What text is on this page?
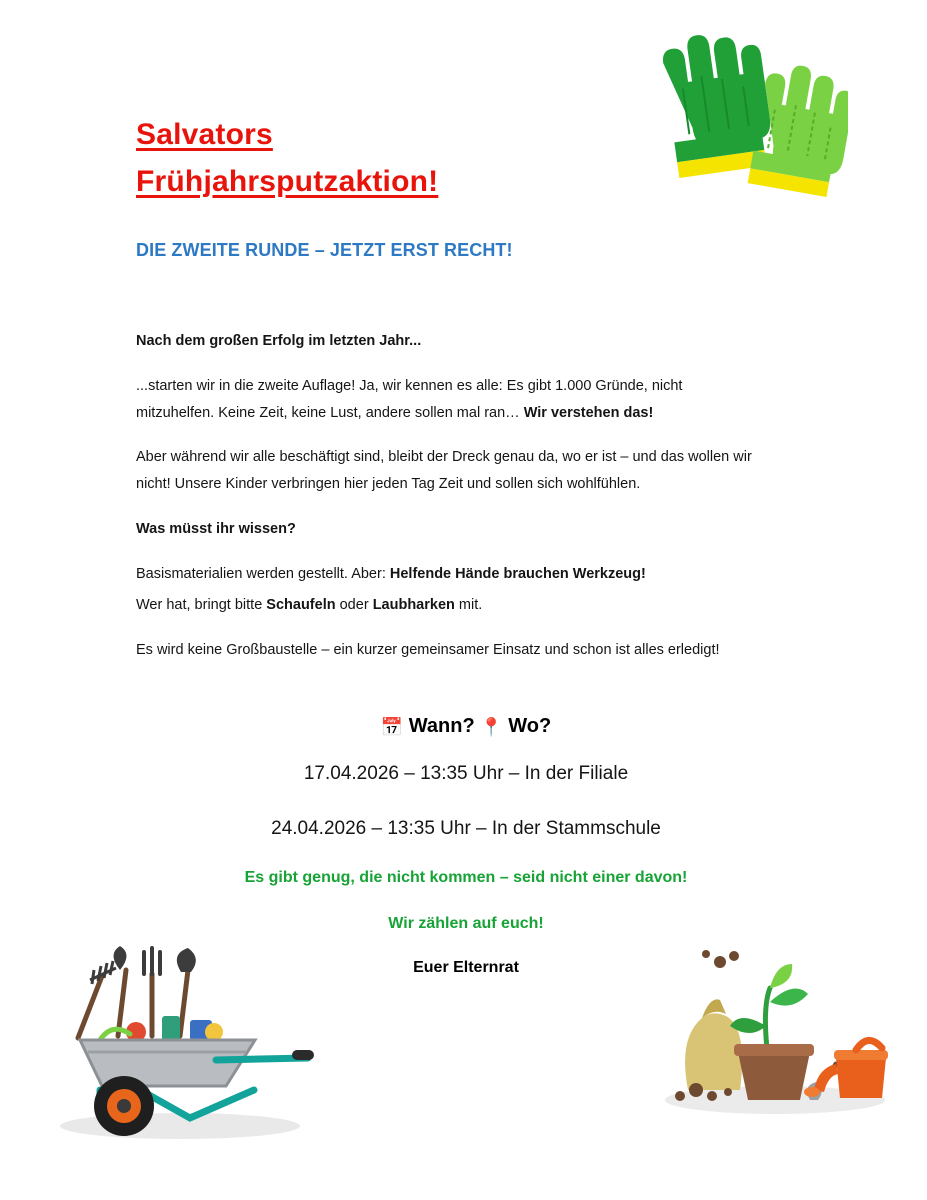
Salvators
Frühjahrsputzaktion!
DIE ZWEITE RUNDE – JETZT ERST RECHT!

Nach dem großen Erfolg im letzten Jahr...

...starten wir in die zweite Auflage! Ja, wir kennen es alle: Es gibt 1.000 Gründe, nicht mitzuhelfen. Keine Zeit, keine Lust, andere sollen mal ran… Wir verstehen das!

Aber während wir alle beschäftigt sind, bleibt der Dreck genau da, wo er ist – und das wollen wir nicht! Unsere Kinder verbringen hier jeden Tag Zeit und sollen sich wohlfühlen.

Was müsst ihr wissen?

Basismaterialien werden gestellt. Aber: Helfende Hände brauchen Werkzeug!

Wer hat, bringt bitte Schaufeln oder Laubharken mit.

Es wird keine Großbaustelle – ein kurzer gemeinsamer Einsatz und schon ist alles erledigt!

📅 Wann? 📍 Wo?
17.04.2026 – 13:35 Uhr – In der Filiale
24.04.2026 – 13:35 Uhr – In der Stammschule
Es gibt genug, die nicht kommen – seid nicht einer davon!
Wir zählen auf euch!
Euer Elternrat
